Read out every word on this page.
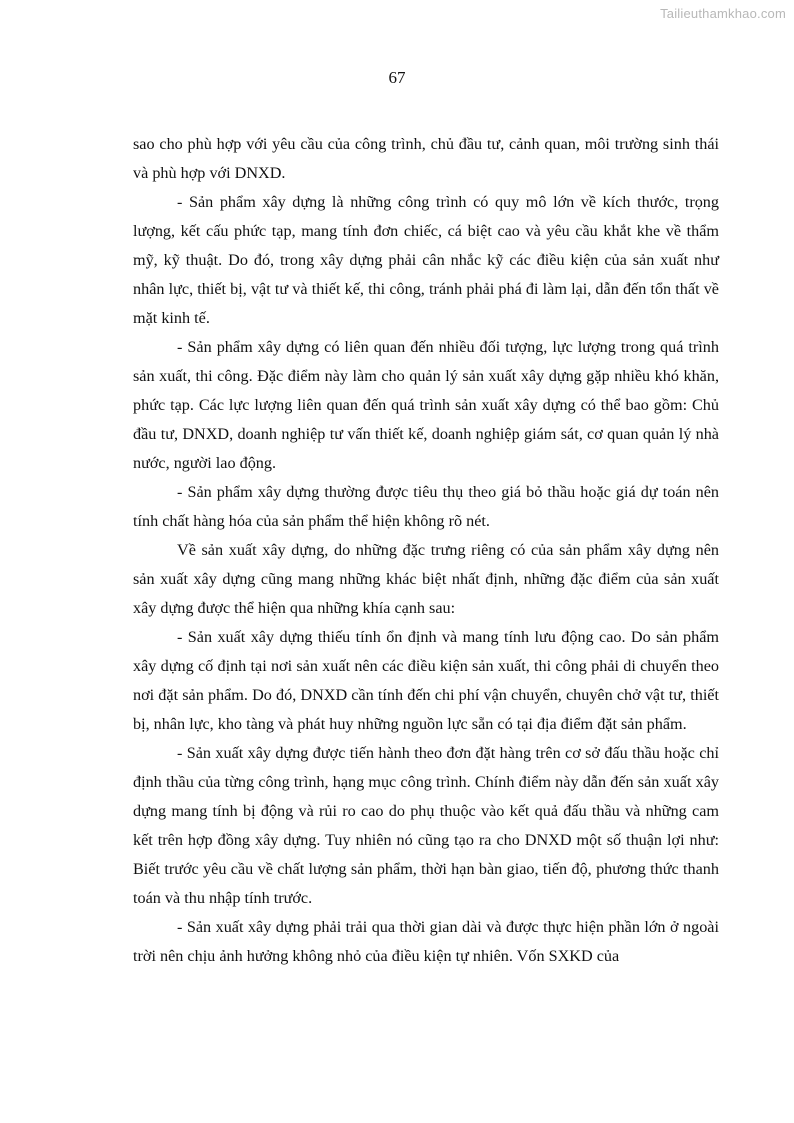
Tailieuthamkhao.com
67

sao cho phù hợp với yêu cầu của công trình, chủ đầu tư, cảnh quan, môi trường sinh thái và phù hợp với DNXD.

- Sản phẩm xây dựng là những công trình có quy mô lớn về kích thước, trọng lượng, kết cấu phức tạp, mang tính đơn chiếc, cá biệt cao và yêu cầu khắt khe về thẩm mỹ, kỹ thuật. Do đó, trong xây dựng phải cân nhắc kỹ các điều kiện của sản xuất như nhân lực, thiết bị, vật tư và thiết kế, thi công, tránh phải phá đi làm lại, dẫn đến tổn thất về mặt kinh tế.

- Sản phẩm xây dựng có liên quan đến nhiều đối tượng, lực lượng trong quá trình sản xuất, thi công. Đặc điểm này làm cho quản lý sản xuất xây dựng gặp nhiều khó khăn, phức tạp. Các lực lượng liên quan đến quá trình sản xuất xây dựng có thể bao gồm: Chủ đầu tư, DNXD, doanh nghiệp tư vấn thiết kế, doanh nghiệp giám sát, cơ quan quản lý nhà nước, người lao động.

- Sản phẩm xây dựng thường được tiêu thụ theo giá bỏ thầu hoặc giá dự toán nên tính chất hàng hóa của sản phẩm thể hiện không rõ nét.

Về sản xuất xây dựng, do những đặc trưng riêng có của sản phẩm xây dựng nên sản xuất xây dựng cũng mang những khác biệt nhất định, những đặc điểm của sản xuất xây dựng được thể hiện qua những khía cạnh sau:

- Sản xuất xây dựng thiếu tính ổn định và mang tính lưu động cao. Do sản phẩm xây dựng cố định tại nơi sản xuất nên các điều kiện sản xuất, thi công phải di chuyển theo nơi đặt sản phẩm. Do đó, DNXD cần tính đến chi phí vận chuyển, chuyên chở vật tư, thiết bị, nhân lực, kho tàng và phát huy những nguồn lực sẵn có tại địa điểm đặt sản phẩm.

- Sản xuất xây dựng được tiến hành theo đơn đặt hàng trên cơ sở đấu thầu hoặc chỉ định thầu của từng công trình, hạng mục công trình. Chính điểm này dẫn đến sản xuất xây dựng mang tính bị động và rủi ro cao do phụ thuộc vào kết quả đấu thầu và những cam kết trên hợp đồng xây dựng. Tuy nhiên nó cũng tạo ra cho DNXD một số thuận lợi như: Biết trước yêu cầu về chất lượng sản phẩm, thời hạn bàn giao, tiến độ, phương thức thanh toán và thu nhập tính trước.

- Sản xuất xây dựng phải trải qua thời gian dài và được thực hiện phần lớn ở ngoài trời nên chịu ảnh hưởng không nhỏ của điều kiện tự nhiên. Vốn SXKD của
